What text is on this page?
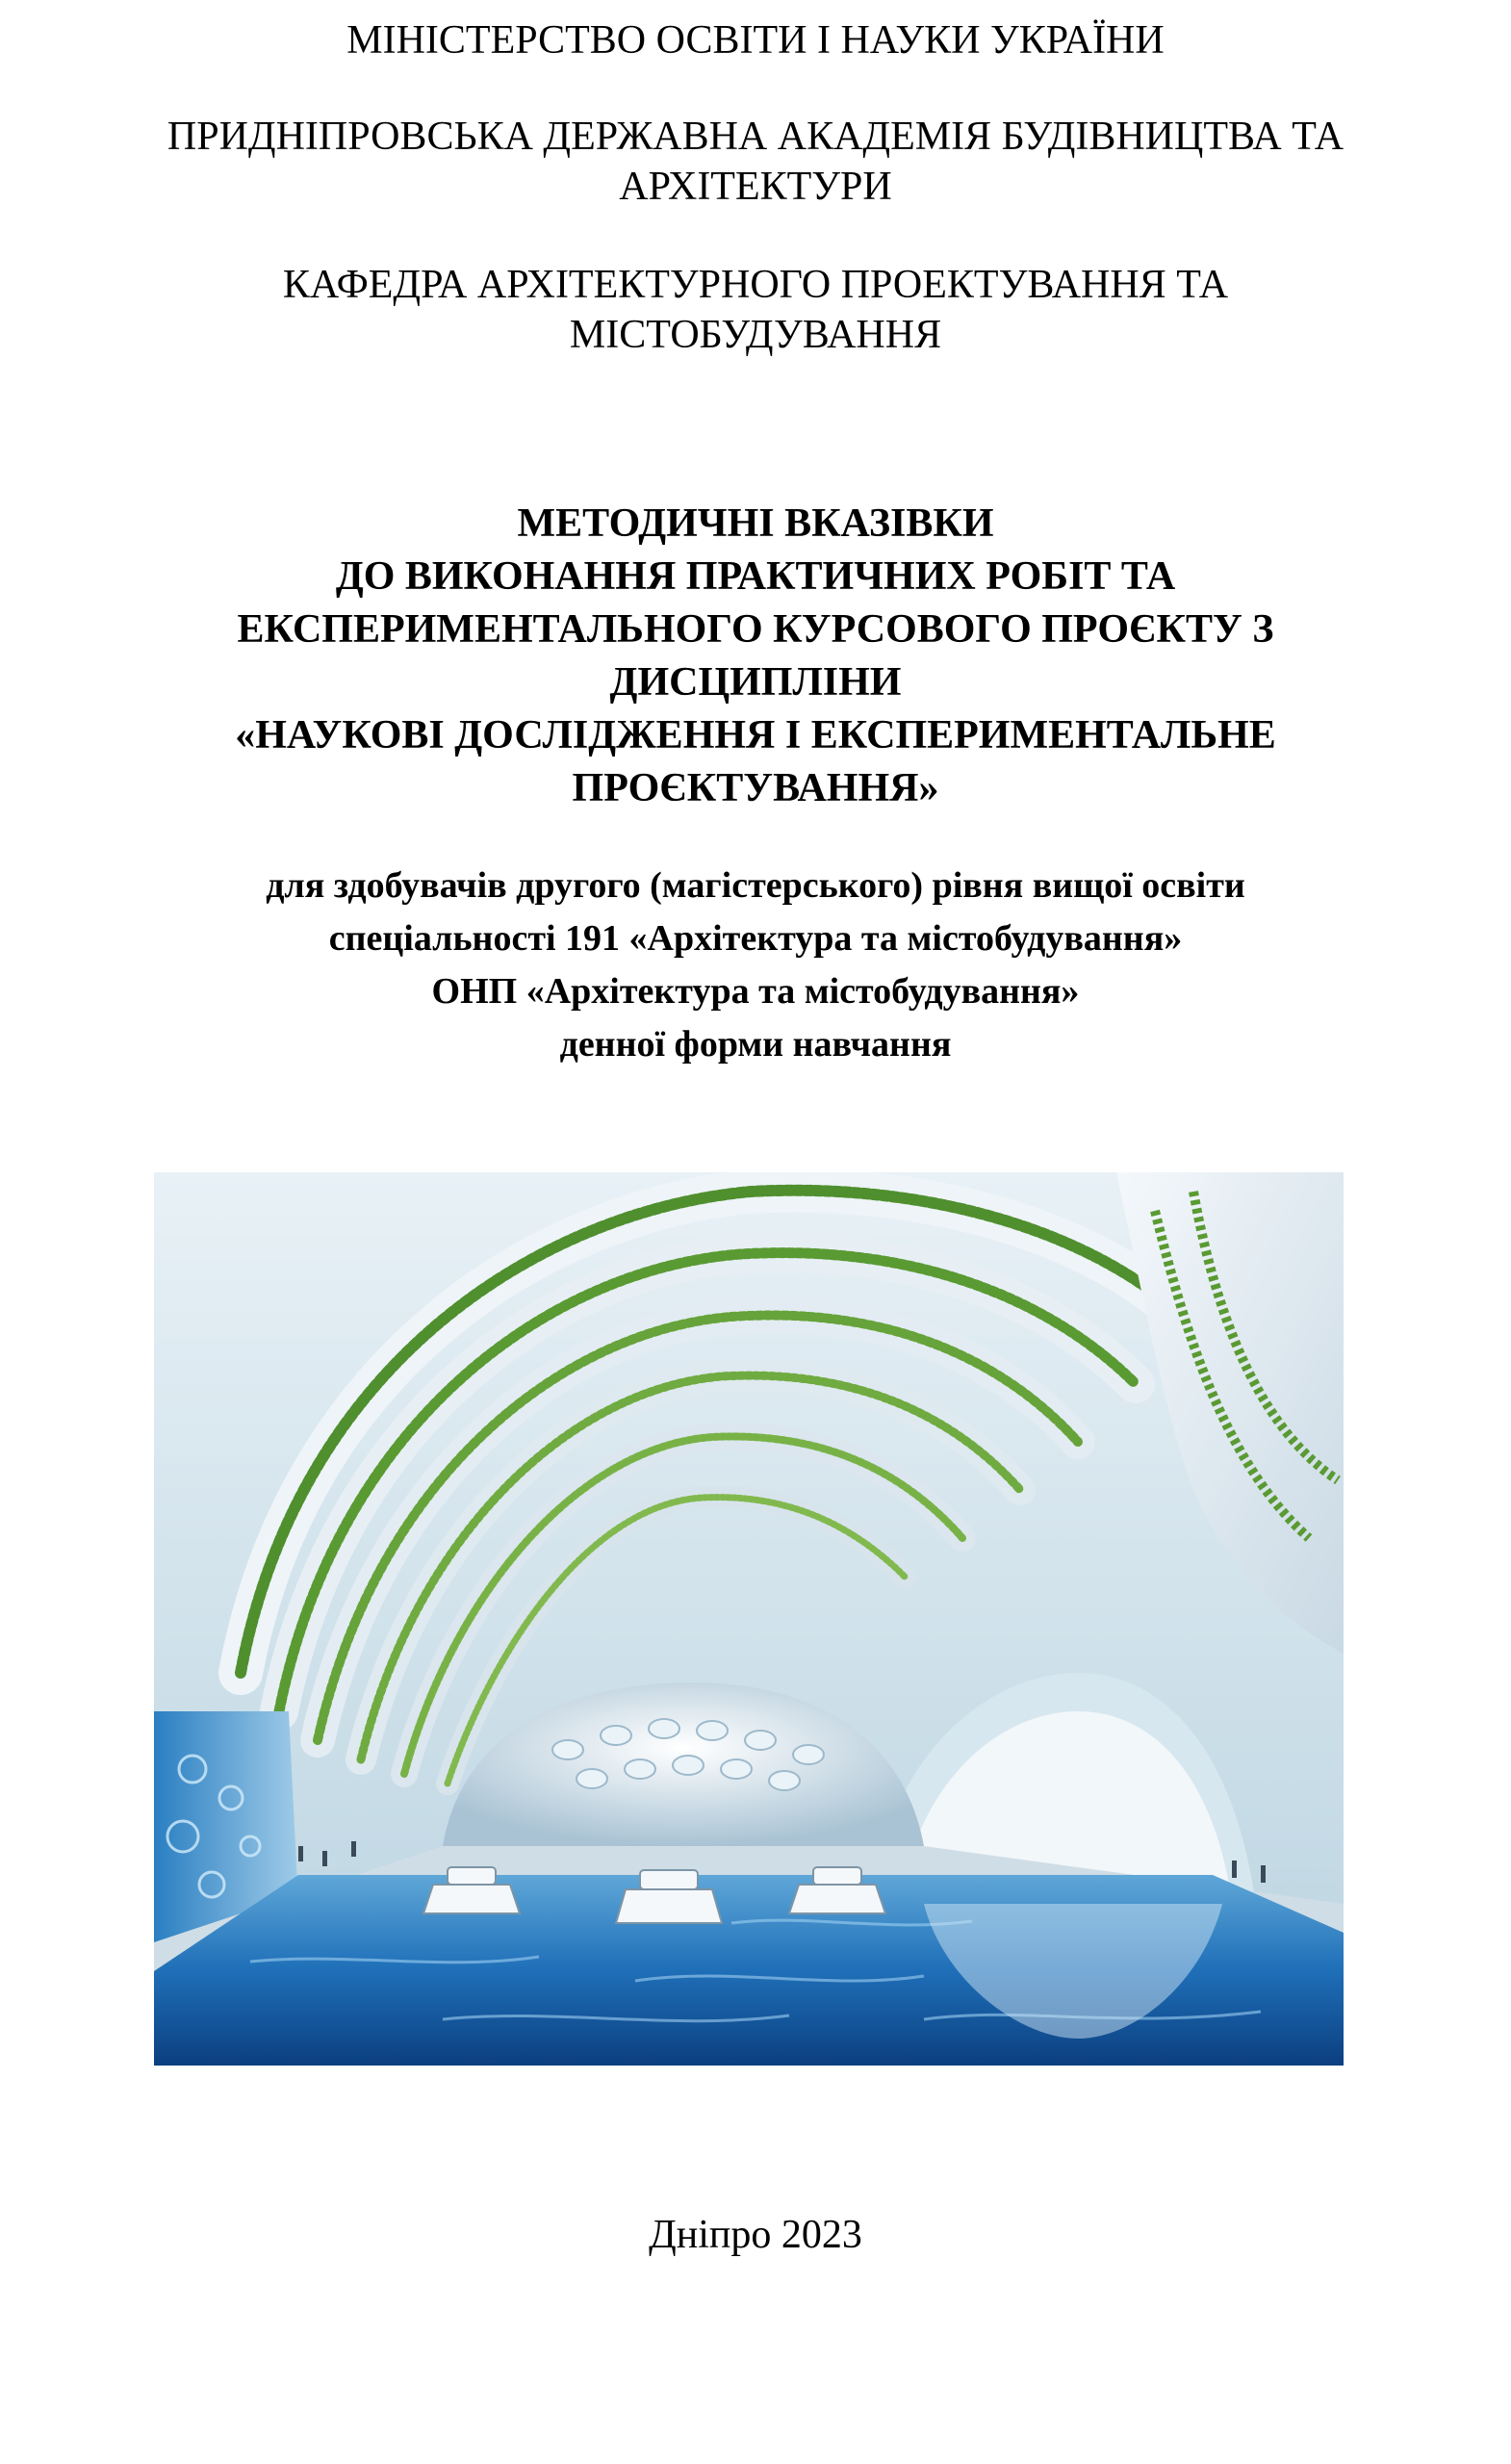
МІНІСТЕРСТВО ОСВІТИ І НАУКИ УКРАЇНИ

ПРИДНІПРОВСЬКА ДЕРЖАВНА АКАДЕМІЯ БУДІВНИЦТВА ТА

АРХІТЕКТУРИ

КАФЕДРА АРХІТЕКТУРНОГО ПРОЕКТУВАННЯ ТА

МІСТОБУДУВАННЯ

МЕТОДИЧНІ ВКАЗІВКИ

ДО ВИКОНАННЯ ПРАКТИЧНИХ РОБІТ ТА

ЕКСПЕРИМЕНТАЛЬНОГО КУРСОВОГО ПРОЄКТУ З

ДИСЦИПЛІНИ

«НАУКОВІ ДОСЛІДЖЕННЯ І ЕКСПЕРИМЕНТАЛЬНЕ

ПРОЄКТУВАННЯ»

для здобувачів другого (магістерського) рівня вищої освіти

спеціальності 191 «Архітектура та містобудування»

ОНП «Архітектура та містобудування»

денної форми навчання

Дніпро 2023
